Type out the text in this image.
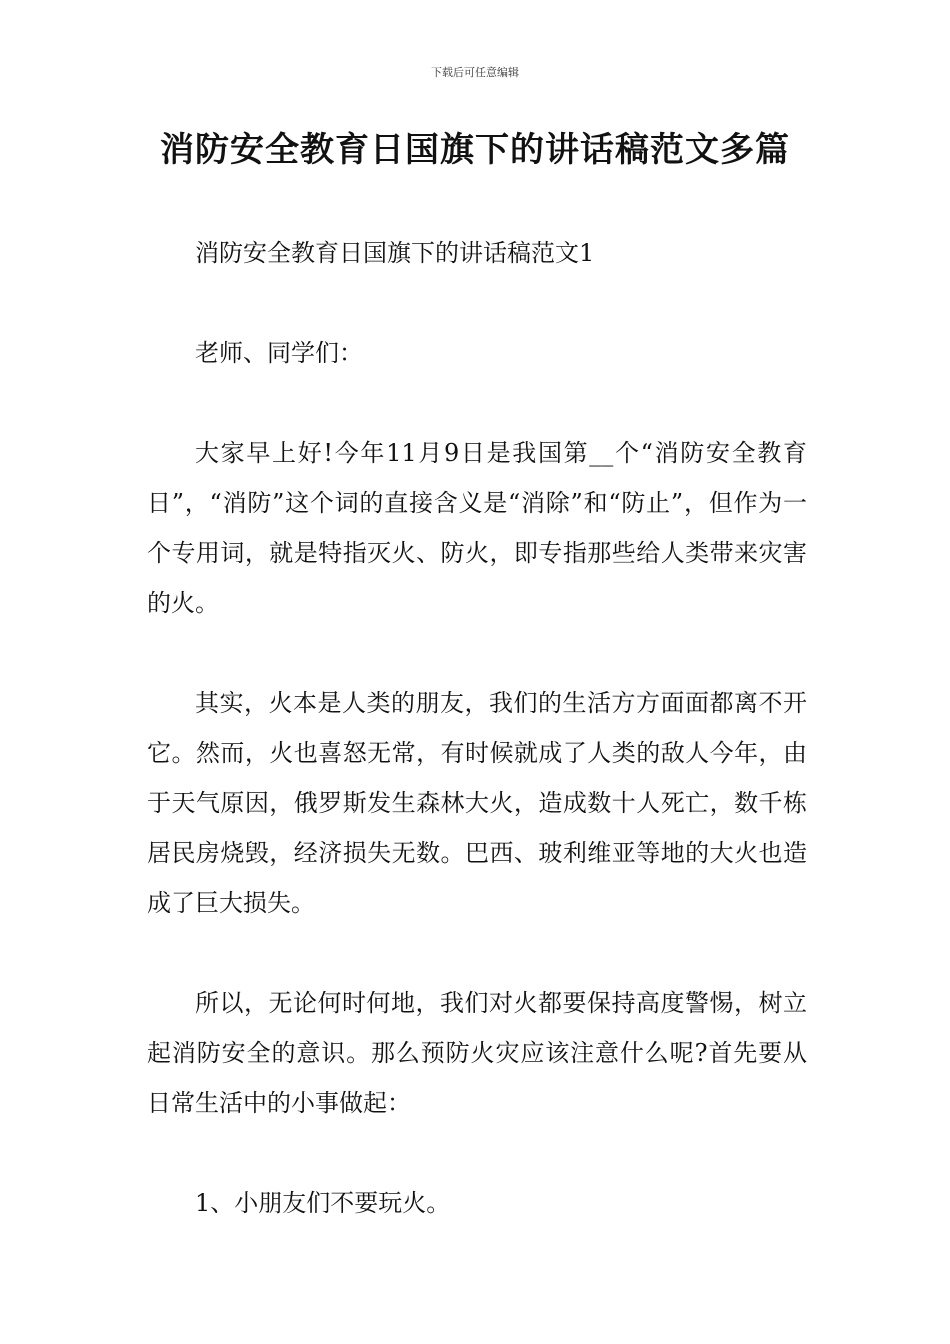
下载后可任意编辑
消防安全教育日国旗下的讲话稿范文多篇

消防安全教育日国旗下的讲话稿范文1

老师、同学们：

大家早上好!今年11月9日是我国第__个“消防安全教育日”，“消防”这个词的直接含义是“消除”和“防止”，但作为一个专用词，就是特指灭火、防火，即专指那些给人类带来灾害的火。

其实，火本是人类的朋友，我们的生活方方面面都离不开它。然而，火也喜怒无常，有时候就成了人类的敌人今年，由于天气原因，俄罗斯发生森林大火，造成数十人死亡，数千栋居民房烧毁，经济损失无数。巴西、玻利维亚等地的大火也造成了巨大损失。

所以，无论何时何地，我们对火都要保持高度警惕，树立起消防安全的意识。那么预防火灾应该注意什么呢?首先要从日常生活中的小事做起：

1、小朋友们不要玩火。
